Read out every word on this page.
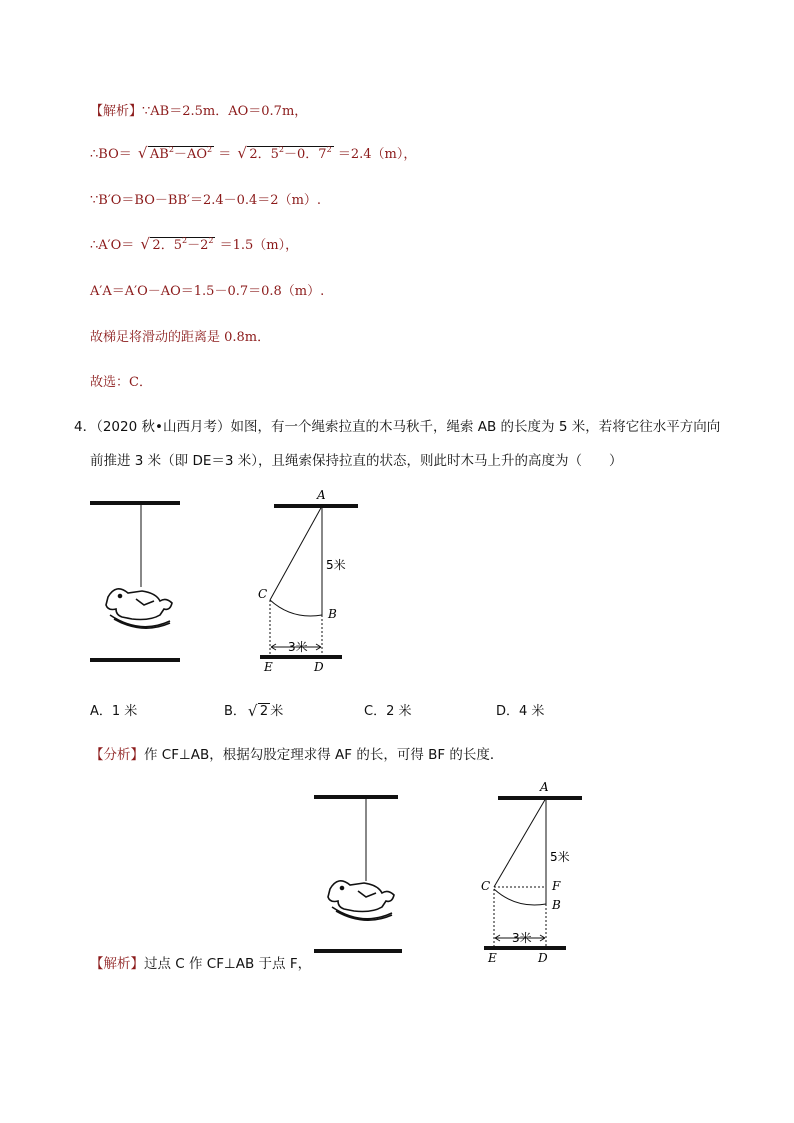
【解析】∵AB＝2.5m．AO＝0.7m，
∴BO＝ √ $AB^2-AO^2$ ＝ √ 2．$5^2-0$．$7^2 =2.4(m)$，
∵B′O＝BO－BB′＝2.4－0.4＝2（m）.
∴A′O＝ √ 2．$5^2-2^2 =1.5(m)$，
A′A＝A′O－AO＝1.5－0.7＝0.8（m）.
故梯足将滑动的距离是 0.8m．
故选：C．
4．（2020 秋•山西月考）如图，有一个绳索拉直的木马秋千，绳索 AB 的长度为 5 米，若将它往水平方向向
前推进 3 米（即 DE＝3 米），且绳索保持拉直的状态，则此时木马上升的高度为（　　）
A
C
B
E	D
5米
3米
A．1 米	B． √ 2 米	C．2 米	D．4 米
【分析】作 CF⊥AB，根据勾股定理求得 AF 的长，可得 BF 的长度．
A
C	F
B
E	D
5米
3米
【解析】过点 C 作 CF⊥AB 于点 F，
